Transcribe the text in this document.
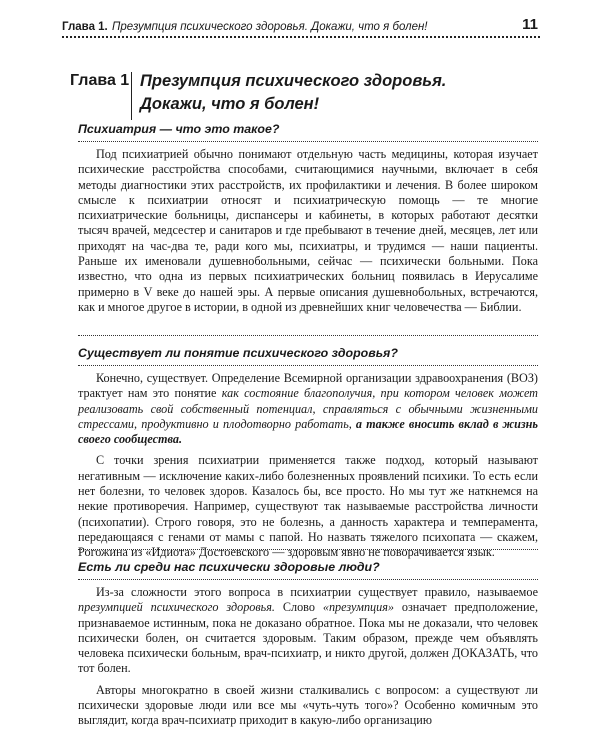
Глава 1. Презумпция психического здоровья. Докажи, что я болен!	11
Глава 1 Презумпция психического здоровья.
Докажи, что я болен!
Психиатрия — что это такое?

Под психиатрией обычно понимают отдельную часть медицины, которая изучает психические расстройства способами, считающимися научными, включает в себя методы диагностики этих расстройств, их профилактики и лечения. В более широком смысле к психиатрии относят и психиатрическую помощь — те многие психиатрические больницы, диспансеры и кабинеты, в которых работают десятки тысяч врачей, медсестер и санитаров и где пребывают в течение дней, месяцев, лет или приходят на час-два те, ради кого мы, психиатры, и трудимся — наши пациенты. Раньше их именовали душевнобольными, сейчас — психически больными. Пока известно, что одна из первых психиатрических больниц появилась в Иерусалиме примерно в V веке до нашей эры. А первые описания душевнобольных, встречаются, как и многое другое в истории, в одной из древнейших книг человечества — Библии.

Существует ли понятие психического здоровья?

Конечно, существует. Определение Всемирной организации здравоохранения (ВОЗ) трактует нам это понятие как состояние благополучия, при котором человек может реализовать свой собственный потенциал, справляться с обычными жизненными стрессами, продуктивно и плодотворно работать, а также вносить вклад в жизнь своего сообщества.

С точки зрения психиатрии применяется также подход, который называют негативным — исключение каких-либо болезненных проявлений психики. То есть если нет болезни, то человек здоров. Казалось бы, все просто. Но мы тут же наткнемся на некие противоречия. Например, существуют так называемые расстройства личности (психопатии). Строго говоря, это не болезнь, а данность характера и темперамента, передающаяся с генами от мамы с папой. Но назвать тяжелого психопата — скажем, Рогожина из «Идиота» Достоевского — здоровым явно не поворачивается язык.

Есть ли среди нас психически здоровые люди?

Из-за сложности этого вопроса в психиатрии существует правило, называемое презумпцией психического здоровья. Слово «презумпция» означает предположение, признаваемое истинным, пока не доказано обратное. Пока мы не доказали, что человек психически болен, он считается здоровым. Таким образом, прежде чем объявлять человека психически больным, врач-психиатр, и никто другой, должен ДОКАЗАТЬ, что тот болен.

Авторы многократно в своей жизни сталкивались с вопросом: а существуют ли психически здоровые люди или все мы «чуть-чуть того»? Особенно комичным это выглядит, когда врач-психиатр приходит в какую-либо организацию
